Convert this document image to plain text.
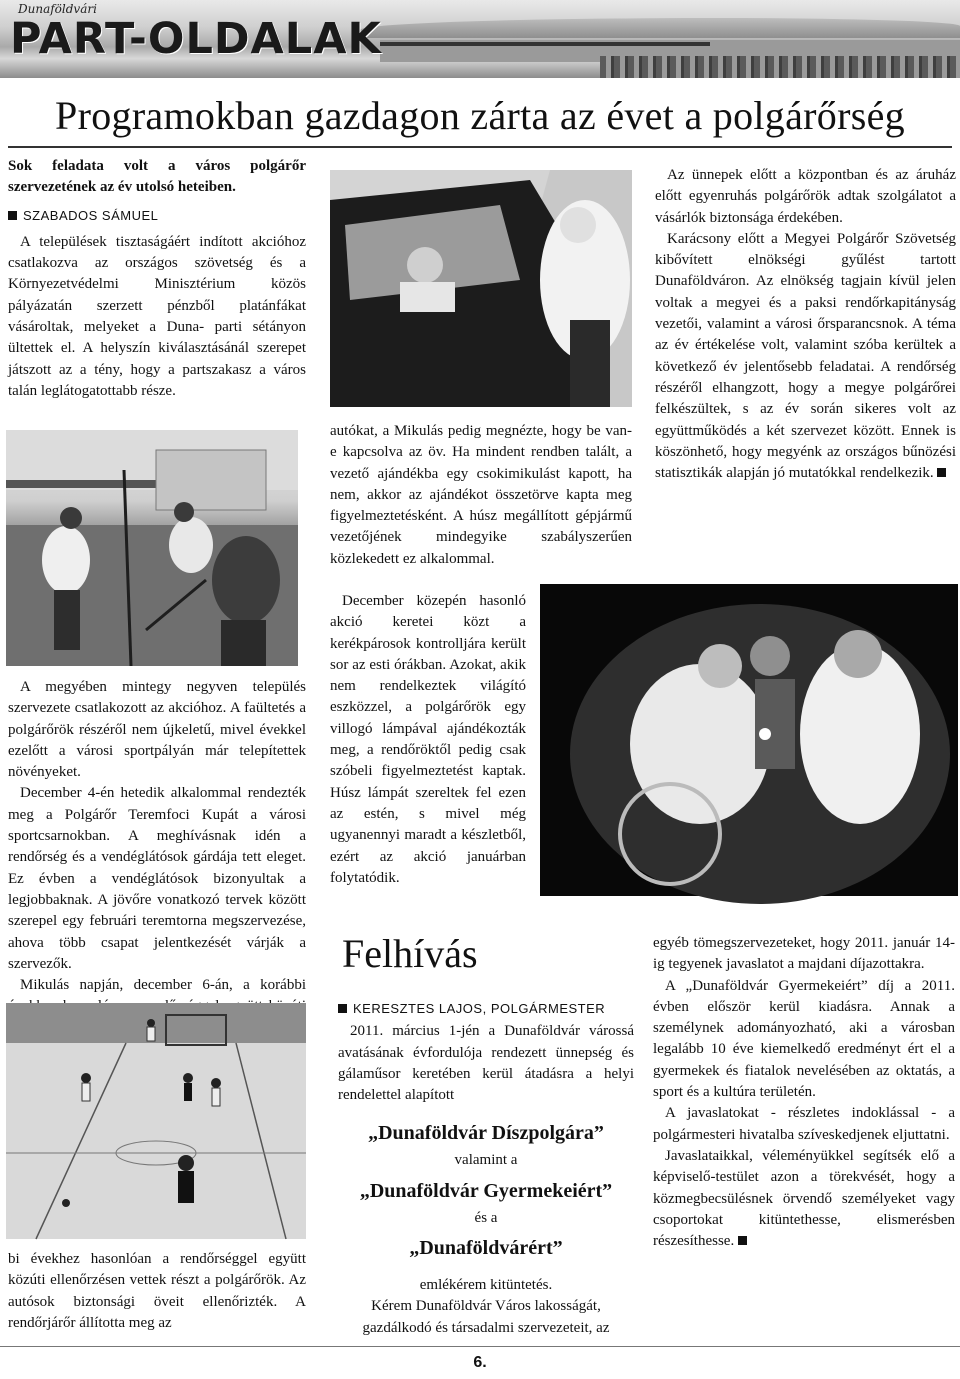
Dunaföldvári
PART-OLDALAK
Programokban gazdagon zárta az évet a polgárőrség

Sok feladata volt a város polgárőr szervezetének az év utolsó heteiben.

SZABADOS SÁMUEL

A települések tisztaságáért indított akcióhoz csatlakozva az országos szövetség és a Környezetvédelmi Minisztérium közös pályázatán szerzett pénzből platánfákat vásároltak, melyeket a Duna- parti sétányon ültettek el. A helyszín kiválasztásánál szerepet játszott az a tény, hogy a partszakasz a város talán leglátogatottabb része.

A megyében mintegy negyven település szervezete csatlakozott az akcióhoz. A faültetés a polgárőrök részéről nem újkeletű, mivel évekkel ezelőtt a városi sportpályán már telepítettek növényeket.

December 4-én hetedik alkalommal rendezték meg a Polgárőr Teremfoci Kupát a városi sportcsarnokban. A meghívásnak idén a rendőrség és a vendéglátósok gárdája tett eleget. Ez évben a vendéglátósok bizonyultak a legjobbaknak. A jövőre vonatkozó tervek között szerepel egy februári teremtorna megszervezése, ahova több csapat jelentkezését várják a szervezők.

Mikulás napján, december 6-án, a korábbi

bi évekhez hasonlóan a rendőrséggel együtt közúti ellenőrzésen vettek részt a polgárőrök. Az autósok biztonsági öveit ellenőrizték. A rendőrjárőr állította meg az

autókat, a Mikulás pedig megnézte, hogy be van- e kapcsolva az öv. Ha mindent rendben talált, a vezető ajándékba egy csokimikulást kapott, ha nem, akkor az ajándékot összetörve kapta meg figyelmeztetésként. A húsz megállított gépjármű vezetőjének mindegyike szabályszerűen közlekedett ez alkalommal.

December közepén hasonló akció keretei közt a kerékpárosok kontrolljára került sor az esti órákban. Azokat, akik nem rendelkeztek világító eszközzel, a polgárőrök egy villogó lámpával ajándékozták meg, a rendőröktől pedig csak szóbeli figyelmeztetést kaptak. Húsz lámpát szereltek fel ezen az estén, s mivel még ugyanennyi maradt a készletből, ezért az akció januárban folytatódik.

Az ünnepek előtt a központban és az áruház előtt egyenruhás polgárőrök adtak szolgálatot a vásárlók biztonsága érdekében.

Karácsony előtt a Megyei Polgárőr Szövetség kibővített elnökségi gyűlést tartott Dunaföldváron. Az elnökség tagjain kívül jelen voltak a megyei és a paksi rendőrkapitányság vezetői, valamint a városi őrsparancsnok. A téma az év értékelése volt, valamint szóba kerültek a következő év jelentősebb feladatai. A rendőrség részéről elhangzott, hogy a megye polgárőrei felkészültek, s az év során sikeres volt az együttműködés a két szervezet között. Ennek is köszönhető, hogy megyénk az országos bűnözési statisztikák alapján jó mutatókkal rendelkezik.

Felhívás

KERESZTES LAJOS, POLGÁRMESTER

2011. március 1-jén a Dunaföldvár várossá avatásának évfordulója rendezett ünnepség és gálaműsor keretében kerül átadásra a helyi rendelettel alapított

„Dunaföldvár Díszpolgára”

valamint a

„Dunaföldvár Gyermekeiért”

és a

„Dunaföldvárért”

emlékérem kitüntetés.

Kérem Dunaföldvár Város lakosságát, gazdálkodó és társadalmi szervezeteit, az

egyéb tömegszervezeteket, hogy 2011. január 14-ig tegyenek javaslatot a majdani díjazottakra.

A „Dunaföldvár Gyermekeiért” díj a 2011. évben először kerül kiadásra. Annak a személynek adományozható, aki a városban legalább 10 éve kiemelkedő eredményt ért el a gyermekek és fiatalok nevelésében az oktatás, a sport és a kultúra területén.

A javaslatokat - részletes indoklással - a polgármesteri hivatalba szíveskedjenek eljuttatni.

Javaslataikkal, véleményükkel segítsék elő a képviselő-testület azon a törekvését, hogy a közmegbecsülésnek örvendő személyeket vagy csoportokat kitüntethesse, elismerésben részesíthesse.

6.
